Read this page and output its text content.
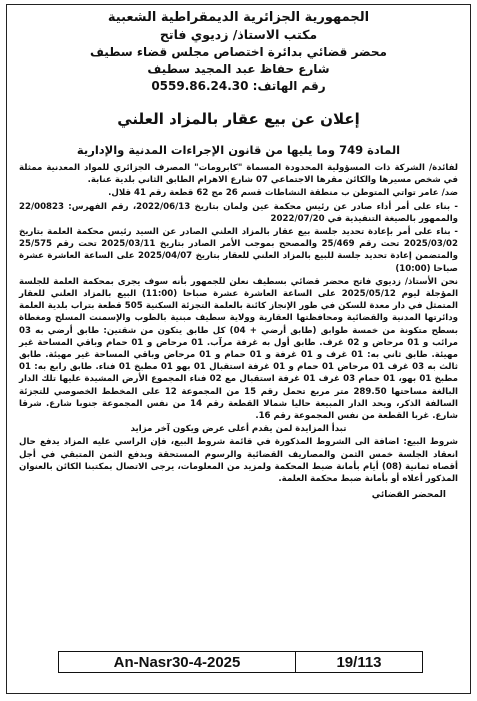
الجمهورية الجزائرية الديمقراطية الشعبية
مكتب الاستاذ/ زديوي فاتح
محضر قضائي بدائرة اختصاص مجلس قضاء سطيف
شارع حفاظ عبد المجيد سطيف
رقم الهاتف: 0559.86.24.30
إعلان عن بيع عقار بالمزاد العلني
المادة 749 وما يليها من قانون الإجراءات المدنية والإدارية

لفائدة/ الشركة ذات المسؤولية المحدودة المسماة "كابرومات" المصرف الجزائري للمواد المعدنية ممثلة في شخص مسيرها والكائن مقرها الاجتماعي 07 شارع الاهرام الطابق الثاني بلدية عنابة.

ضد/ عامر تواتي المتوطن ب منطقة النشاطات قسم 26 مج 62 قطعة رقم 41 قلال.

- بناء على أمر أداء صادر عن رئيس محكمة عين ولمان بتاريخ 2022/06/13، رقم الفهرس: 22/00823 والممهور بالصيغة التنفيذية في 2022/07/20

- بناء على أمر بإعادة تحديد جلسة بيع عقار بالمزاد العلني الصادر عن السيد رئيس محكمة العلمة بتاريخ 2025/03/02 تحت رقم 25/469 والمصحح بموجب الأمر الصادر بتاريخ 2025/03/11 تحت رقم 25/575 والمتضمن إعادة تحديد جلسة للبيع بالمزاد العلني للعقار بتاريخ 2025/04/07 على الساعة العاشرة عشرة صباحا (10:00)

نحن الأستاذ/ زديوي فاتح محضر قضائي بسطيف نعلن للجمهور بأنه سوف يجرى بمحكمة العلمة للجلسة المؤجلة ليوم 2025/05/12 على الساعة العاشرة عشرة صباحا (11:00) البيع بالمزاد العلني للعقار المتمثل في دار معدة للسكن في طور الإنجاز كائنة بالعلمة التجزئة السكنية 505 قطعة بتراب بلدية العلمة ودائرتها المدنية والقضائية ومحافظتها العقارية وولاية سطيف مبنية بالطوب والإسمنت المسلح ومغطاة بسطح متكونة من خمسة طوابق (طابق أرضي + 04) كل طابق يتكون من شقتين: طابق أرضي به 03 مرائب و 01 مرحاض و 02 غرف. طابق أول به غرفة مرآب. 01 مرحاض و 01 حمام وباقي المساحة غير مهيئة. طابق ثاني به: 01 غرف و 01 غرفة و 01 حمام و 01 مرحاض وباقي المساحة غير مهيئة. طابق ثالث به 03 غرف 01 مرحاض 01 حمام و 01 غرفة استقبال 01 بهو 01 مطبخ 01 فناء. طابق رابع به: 01 مطبخ 01 بهو، 01 حمام 03 غرف 01 غرفة استقبال مع 02 فناء المجموع الأرض المشيدة عليها تلك الدار البالغة مساحتها 289.50 متر مربع تحمل رقم 15 من المجموعة 12 على المخطط الخصوصي للتجزئة السالفة الذكر، ويحد الدار المبيعة حاليا شمالا القطعة رقم 14 من نفس المجموعة جنوبا شارع. شرقا شارع. غربا القطعة من نفس المجموعة رقم 16.

تبدأ المزايدة لمن يقدم أعلى عرض ويكون آخر مزايد

شروط البيع: اضافة الى الشروط المذكورة في قائمة شروط البيع، فإن الراسي عليه المزاد يدفع حال انعقاد الجلسة خمس الثمن والمصاريف القضائية والرسوم المستحقة ويدفع الثمن المتبقي في أجل أقصاه ثمانية (08) أيام بأمانة ضبط المحكمة ولمزيد من المعلومات، يرجى الاتصال بمكتبنا الكائن بالعنوان المذكور أعلاه أو بأمانة ضبط محكمة العلمة.

المحضر القضائي
An-Nasr30-4-2025	19/113
